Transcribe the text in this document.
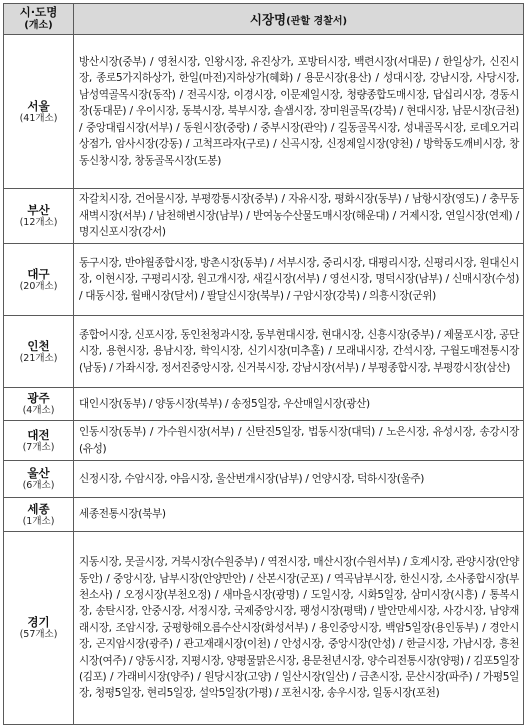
시·도명
(개소)	시장명(관할 경찰서)

서울
(41개소)	방산시장(중부) / 영천시장, 인왕시장, 유진상가, 포방터시장, 백련시장(서대문) / 한일상가, 신진시장, 종로5가지하상가, 한일(마전)지하상가(혜화) / 용문시장(용산) / 성대시장, 강남시장, 사당시장, 남성역골목시장(동작) / 전곡시장, 이경시장, 이문제일시장, 청량종합도매시장, 답십리시장, 경동시장(동대문) / 우이시장, 동북시장, 북부시장, 솔샘시장, 장미원골목(강북) / 현대시장, 남문시장(금천) / 중앙대림시장(서부) / 동원시장(중랑) / 중부시장(관악) / 길동골목시장, 성내골목시장, 로데오거리상점가, 암사시장(강동) / 고척프라자(구로) / 신곡시장, 신정제일시장(양천) / 방학동도깨비시장, 창동신창시장, 창동골목시장(도봉)

부산
(12개소)	자갈치시장, 건어물시장, 부평깡통시장(중부) / 자유시장, 평화시장(동부) / 남항시장(영도) / 충무동새벽시장(서부) / 남천해변시장(남부) / 반여농수산물도매시장(해운대) / 거제시장, 연일시장(연제) / 명지신포시장(강서)

대구
(20개소)	동구시장, 반야월종합시장, 방촌시장(동부) / 서부시장, 중리시장, 대평리시장, 신평리시장, 원대신시장, 이현시장, 구평리시장, 원고개시장, 새길시장(서부) / 영선시장, 명덕시장(남부) / 신매시장(수성) / 대동시장, 월배시장(달서) / 팔달신시장(북부) / 구암시장(강북) / 의흥시장(군위)

인천
(21개소)	종합어시장, 신포시장, 동인천청과시장, 동부현대시장, 현대시장, 신흥시장(중부) / 제물포시장, 공단시장, 용현시장, 용남시장, 학익시장, 신기시장(미추홀) / 모래내시장, 간석시장, 구월도매전통시장(남동) / 가좌시장, 정서진중앙시장, 신거북시장, 강남시장(서부) / 부평종합시장, 부평깡시장(삼산)

광주
(4개소)	대인시장(동부) / 양동시장(북부) / 송정5일장, 우산매일시장(광산)

대전
(7개소)	인동시장(동부) / 가수원시장(서부) / 신탄진5일장, 법동시장(대덕) / 노은시장, 유성시장, 송강시장(유성)

울산
(6개소)	신정시장, 수암시장, 야음시장, 울산번개시장(남부) / 언양시장, 덕하시장(울주)

세종
(1개소)	세종전통시장(북부)

경기
(57개소)	지동시장, 못골시장, 거북시장(수원중부) / 역전시장, 매산시장(수원서부) / 호계시장, 관양시장(안양동안) / 중앙시장, 남부시장(안양만안) / 산본시장(군포) / 역곡남부시장, 한신시장, 소사종합시장(부천소사) / 오정시장(부천오정) / 새마을시장(광명) / 도일시장, 시화5일장, 삼미시장(시흥) / 통복시장, 송탄시장, 안중시장, 서정시장, 국제중앙시장, 팽성시장(평택) / 발안만세시장, 사강시장, 남양재래시장, 조암시장, 궁평항해오름수산시장(화성서부) / 용인중앙시장, 백암5일장(용인동부) / 경안시장, 곤지암시장(광주) / 관고재래시장(이천) / 안성시장, 중앙시장(안성) / 한글시장, 가남시장, 흥천시장(여주) / 양동시장, 지평시장, 양평물맑은시장, 용문천년시장, 양수리전통시장(양평) / 김포5일장(김포) / 가래비시장(양주) / 원당시장(고양) / 일산시장(일산) / 금촌시장, 문산시장(파주) / 가평5일장, 청평5일장, 현리5일장, 설악5일장(가평) / 포천시장, 송우시장, 일동시장(포천)
